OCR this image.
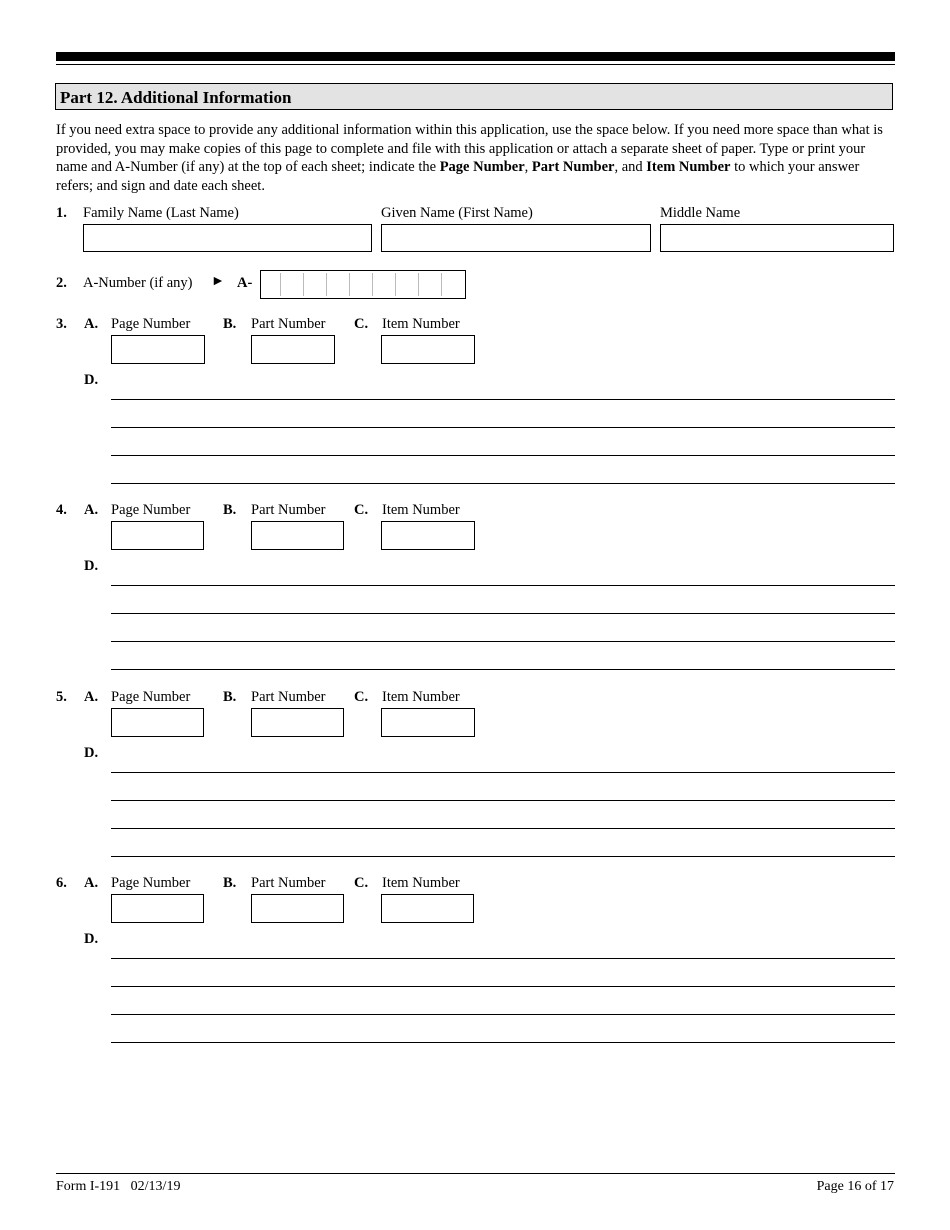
Part 12. Additional Information
If you need extra space to provide any additional information within this application, use the space below. If you need more space than what is provided, you may make copies of this page to complete and file with this application or attach a separate sheet of paper. Type or print your name and A-Number (if any) at the top of each sheet; indicate the Page Number, Part Number, and Item Number to which your answer refers; and sign and date each sheet.
1. Family Name (Last Name)	Given Name (First Name)	Middle Name
2. A-Number (if any) ► A-
3. A. Page Number B. Part Number C. Item Number
D.
4. A. Page Number B. Part Number C. Item Number
D.
5. A. Page Number B. Part Number C. Item Number
D.
6. A. Page Number B. Part Number C. Item Number
D.
Form I-191   02/13/19	Page 16 of 17
